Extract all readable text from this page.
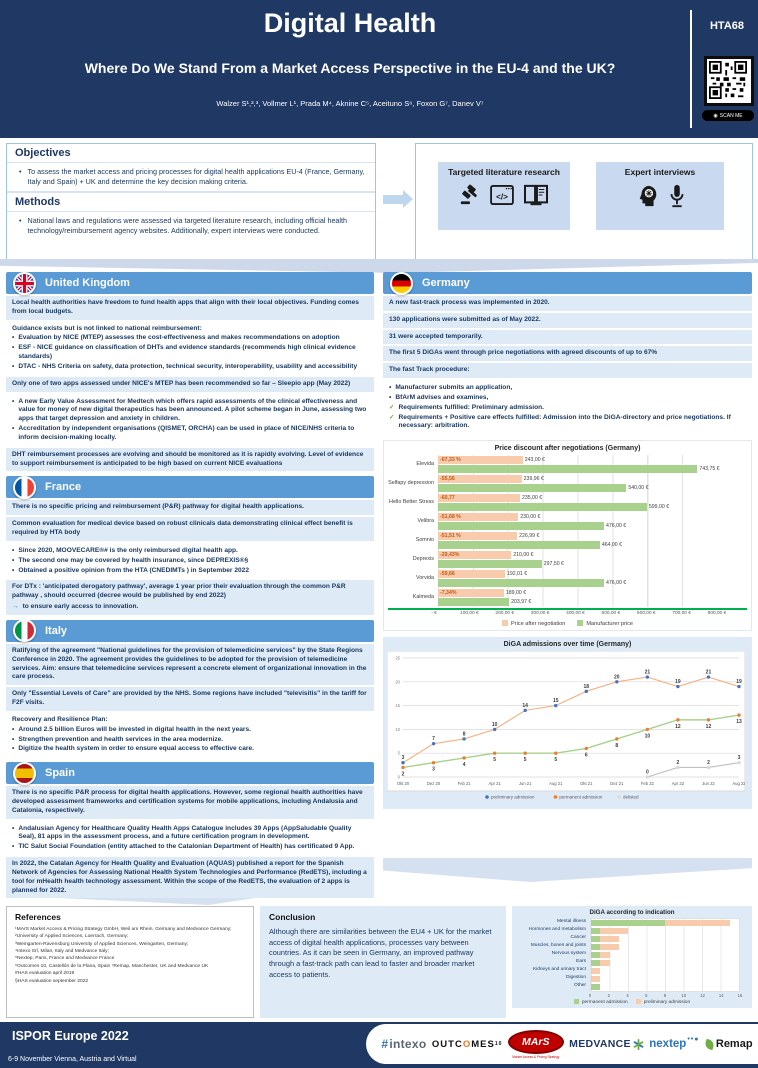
Digital Health	HTA68
Where Do We Stand From a Market Access Perspective in the EU-4 and the UK?
Walzer S¹,²,³, Vollmer L¹, Prada M⁴, Aknine C⁵, Aceituno S⁶, Foxon G⁷, Danev V⁷
◉ SCAN ME
Objectives
• To assess the market access and pricing processes for digital health applications EU-4 (France, Germany, Italy and Spain) + UK and determine the key decision making criteria.
Methods
• National laws and regulations were assessed via targeted literature research, including official health technology/reimbursement agency websites. Additionally, expert interviews were conducted.
Targeted literature research
</>
Expert interviews
United Kingdom
Local health authorities have freedom to fund health apps that align with their local objectives. Funding comes from local budgets.
Guidance exists but is not linked to national reimbursement:
• Evaluation by NICE (MTEP) assesses the cost-effectiveness and makes recommendations on adoption
• ESF - NICE guidance on classification of DHTs and evidence standards (recommends high clinical evidence standards)
• DTAC - NHS Criteria on safety, data protection, technical security, interoperability, usability and accessibility
Only one of two apps assessed under NICE's MTEP has been recommended so far – Sleepio app (May 2022)
• A new Early Value Assessment for Medtech which offers rapid assessments of the clinical effectiveness and value for money of new digital therapeutics has been announced. A pilot scheme began in June, assessing two apps that target depression and anxiety in children.
• Accreditation by independent organisations (QISMET, ORCHA) can be used in place of NICE/NHS criteria to inform decision-making locally.
DHT reimbursement processes are evolving and should be monitored as it is rapidly evolving. Level of evidence to support reimbursement is anticipated to be high based on current NICE evaluations
France
There is no specific pricing and reimbursement (P&R) pathway for digital health applications.
Common evaluation for medical device based on robust clinicals data demonstrating clinical effect benefit is required by HTA body
• Since 2020, MOOVECARE®# is the only reimbursed digital health app.
• The second one may be covered by health insurance, since DEPREXIS®§
• Obtained a positive opinion from the HTA (CNEDIMTs ) in September 2022
For DTx : 'anticipated derogatory pathway', average 1 year prior their evaluation through the common P&R pathway , should occurred (decree would be published by end 2022)
→ to ensure early access to innovation.
Italy
Ratifying of the agreement "National guidelines for the provision of telemedicine services" by the State Regions Conference in 2020. The agreement provides the guidelines to be adopted for the provision of telemedicine services. Aim: ensure that telemedicine services represent a concrete element of organizational innovation in the care process.
Only "Essential Levels of Care" are provided by the NHS. Some regions have included "televisitis" in the tariff for F2F visits.
Recovery and Resilience Plan:
• Around 2.5 billion Euros will be invested in digital health in the next years.
• Strengthen prevention and health services in the area modernize.
• Digitize the health system in order to ensure equal access to effective care.
Spain
There is no specific P&R process for digital health applications. However, some regional health authorities have developed assessment frameworks and certification systems for mobile applications, including Andalusia and Catalonia, respectively.
• Andalusian Agency for Healthcare Quality Health Apps Catalogue includes 39 Apps (AppSaludable Quality Seal), 81 apps in the assessment process, and a future certification program in development.
• TIC Salut Social Foundation (entity attached to the Catalonian Department of Health) has certificated 9 App.
In 2022, the Catalan Agency for Health Quality and Evaluation (AQUAS) published a report for the Spanish Network of Agencies for Assessing National Health System Technologies and Performance (RedETS), including a tool for mHealth health technology assessment. Within the scope of the RedETS, the evaluation of 2 apps is planned for 2022.
Germany
A new fast-track process was implemented in 2020.
130 applications were submitted as of May 2022.
31 were accepted temporarily.
The first 5 DiGAs went through price negotiations with agreed discounts of up to 67%
The fast Track procedure:
• Manufacturer submits an application,
• BfArM advises and examines,
✓ Requirements fulfilled: Preliminary admission.
✓ Requirements + Positive care effects fulfilled: Admission into the DiGA-directory and price negotiations. If necessary: arbitration.
Price discount after negotiations (Germany)
Elevida
-67,33 %	243,00 €
743,75 €
Selfapy depression
-55,56	239,96 €
540,00 €
Hello Better Stress
-60,77	235,00 €
599,00 €
Velibra
-51,68 %	230,00 €
476,00 €
Somnio
-51,51 %	226,99 €
464,00 €
Deprexis
-29,43%	210,00 €
297,50 €
Vorvida
-59,66	192,01 €
476,00 €
Kalmeda
-7,34%	189,00 €
203,97 €
- €	100,00 €	200,00 €	300,00 €	400,00 €	500,00 €	600,00 €	700,00 €	800,00 €
Price after negotiation	Manufacturer price
DiGA admissions over time (Germany)
0
5
10
15
20
25
Okt 20	Dez 20	Feb 21	Apr 21	Jun 21	Aug 21	Okt 21	Dez 21	Feb 22	Apr 22	Jun 22	Aug 22
3
7
8
10
14
15
18
20
21
19
21
19
2
3
4
5	5	5
6
8
10
12	12
13
0
2	2
3
preliminary admission	permanent admission	delisted
References
¹MArS Market Access & Pricing Strategy GmbH, Weil am Rhein, Germany and Medvance Germany;
²University of Applied Sciences, Loerrach, Germany;
³Weingarten-Ravensburg University of Applied Sciences, Weingarten, Germany;
⁴Intexo Srl, Milan, Italy and Medvance Italy;
⁵Nextep, Paris, France and Medvance France
⁶Outcomes 10, Castellón de la Plana, Spain ⁷Remap, Manchester, UK and Medvance UK
#HAS evaluation april 2019
§HAS evaluation september 2022
Conclusion
Although there are similarities between the EU4 + UK for the market access of digital health applications, processes vary between countries. As it can be seen in Germany, an improved pathway through a fast-track path can lead to faster and broader market access to patients.
DiGA according to indication
Mental illness
Hormones and metabolism
Cancer
Muscles, bones and joints
Nervous system
Ears
Kidneys and urinary tract
Digestion
Other
0	2	4	6	8	10	12	14	16
permanent admission	preliminary admission
ISPOR Europe 2022
6-9 November Vienna, Austria and Virtual
# intexo OUTC O MES 10	MArS
Market Access & Pricing Strategy
MEDVANCE nextep ••● Remap
